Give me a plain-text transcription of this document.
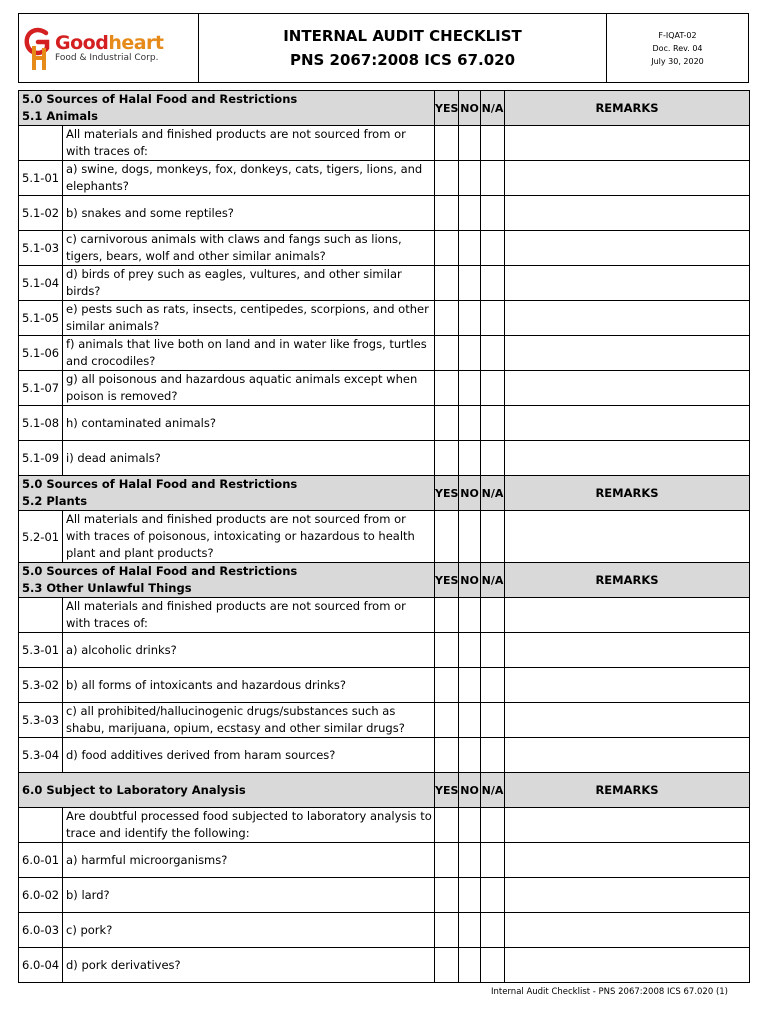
Goodheart
Food & Industrial Corp.
INTERNAL AUDIT CHECKLIST
PNS 2067:2008 ICS 67.020
F-IQAT-02
Doc. Rev. 04
July 30, 2020
5.0 Sources of Halal Food and Restrictions
5.1 Animals		YES	NO	N/A	REMARKS
	All materials and finished products are not sourced from or with traces of:				
5.1-01	a) swine, dogs, monkeys, fox, donkeys, cats, tigers, lions, and elephants?				
5.1-02	b) snakes and some reptiles?				
5.1-03	c) carnivorous animals with claws and fangs such as lions, tigers, bears, wolf and other similar animals?				
5.1-04	d) birds of prey such as eagles, vultures, and other similar birds?				
5.1-05	e) pests such as rats, insects, centipedes, scorpions, and other similar animals?				
5.1-06	f) animals that live both on land and in water like frogs, turtles and crocodiles?				
5.1-07	g) all poisonous and hazardous aquatic animals except when poison is removed?				
5.1-08	h) contaminated animals?				
5.1-09	i) dead animals?				

5.0 Sources of Halal Food and Restrictions
5.2 Plants		YES	NO	N/A	REMARKS
5.2-01	All materials and finished products are not sourced from or with traces of poisonous, intoxicating or hazardous to health plant and plant products?				

5.0 Sources of Halal Food and Restrictions
5.3 Other Unlawful Things		YES	NO	N/A	REMARKS
	All materials and finished products are not sourced from or with traces of:				
5.3-01	a) alcoholic drinks?				
5.3-02	b) all forms of intoxicants and hazardous drinks?				
5.3-03	c) all prohibited/hallucinogenic drugs/substances such as shabu, marijuana, opium, ecstasy and other similar drugs?				
5.3-04	d) food additives derived from haram sources?				

6.0 Subject to Laboratory Analysis		YES	NO	N/A	REMARKS
	Are doubtful processed food subjected to laboratory analysis to trace and identify the following:				
6.0-01	a) harmful microorganisms?				
6.0-02	b) lard?				
6.0-03	c) pork?				
6.0-04	d) pork derivatives?				
Internal Audit Checklist - PNS 2067:2008 ICS 67.020 (1)
